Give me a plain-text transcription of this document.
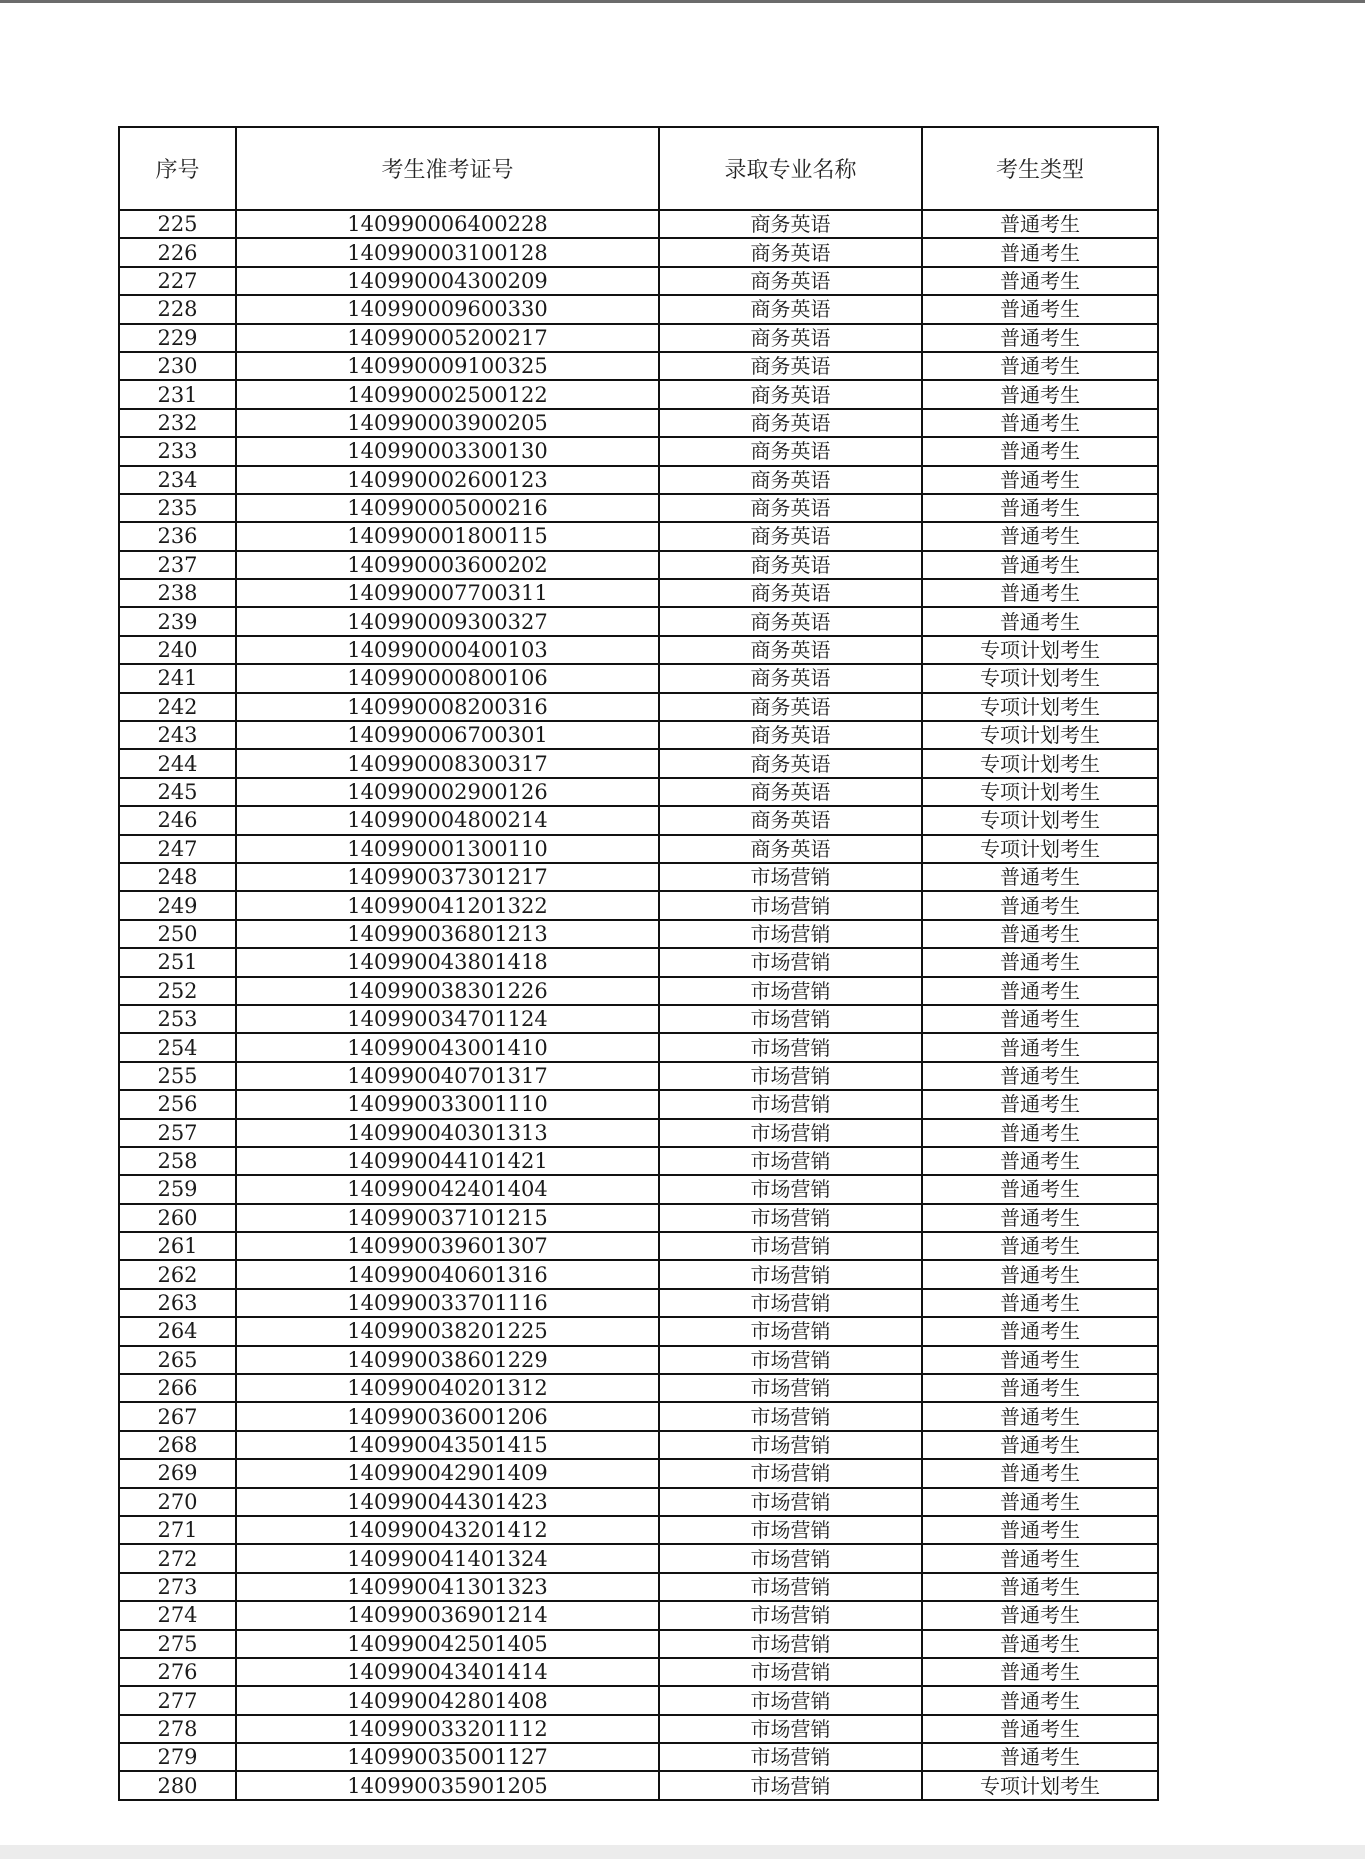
序号	考生准考证号	录取专业名称	考生类型
225	140990006400228	商务英语	普通考生
226	140990003100128	商务英语	普通考生
227	140990004300209	商务英语	普通考生
228	140990009600330	商务英语	普通考生
229	140990005200217	商务英语	普通考生
230	140990009100325	商务英语	普通考生
231	140990002500122	商务英语	普通考生
232	140990003900205	商务英语	普通考生
233	140990003300130	商务英语	普通考生
234	140990002600123	商务英语	普通考生
235	140990005000216	商务英语	普通考生
236	140990001800115	商务英语	普通考生
237	140990003600202	商务英语	普通考生
238	140990007700311	商务英语	普通考生
239	140990009300327	商务英语	普通考生
240	140990000400103	商务英语	专项计划考生
241	140990000800106	商务英语	专项计划考生
242	140990008200316	商务英语	专项计划考生
243	140990006700301	商务英语	专项计划考生
244	140990008300317	商务英语	专项计划考生
245	140990002900126	商务英语	专项计划考生
246	140990004800214	商务英语	专项计划考生
247	140990001300110	商务英语	专项计划考生
248	140990037301217	市场营销	普通考生
249	140990041201322	市场营销	普通考生
250	140990036801213	市场营销	普通考生
251	140990043801418	市场营销	普通考生
252	140990038301226	市场营销	普通考生
253	140990034701124	市场营销	普通考生
254	140990043001410	市场营销	普通考生
255	140990040701317	市场营销	普通考生
256	140990033001110	市场营销	普通考生
257	140990040301313	市场营销	普通考生
258	140990044101421	市场营销	普通考生
259	140990042401404	市场营销	普通考生
260	140990037101215	市场营销	普通考生
261	140990039601307	市场营销	普通考生
262	140990040601316	市场营销	普通考生
263	140990033701116	市场营销	普通考生
264	140990038201225	市场营销	普通考生
265	140990038601229	市场营销	普通考生
266	140990040201312	市场营销	普通考生
267	140990036001206	市场营销	普通考生
268	140990043501415	市场营销	普通考生
269	140990042901409	市场营销	普通考生
270	140990044301423	市场营销	普通考生
271	140990043201412	市场营销	普通考生
272	140990041401324	市场营销	普通考生
273	140990041301323	市场营销	普通考生
274	140990036901214	市场营销	普通考生
275	140990042501405	市场营销	普通考生
276	140990043401414	市场营销	普通考生
277	140990042801408	市场营销	普通考生
278	140990033201112	市场营销	普通考生
279	140990035001127	市场营销	普通考生
280	140990035901205	市场营销	专项计划考生
